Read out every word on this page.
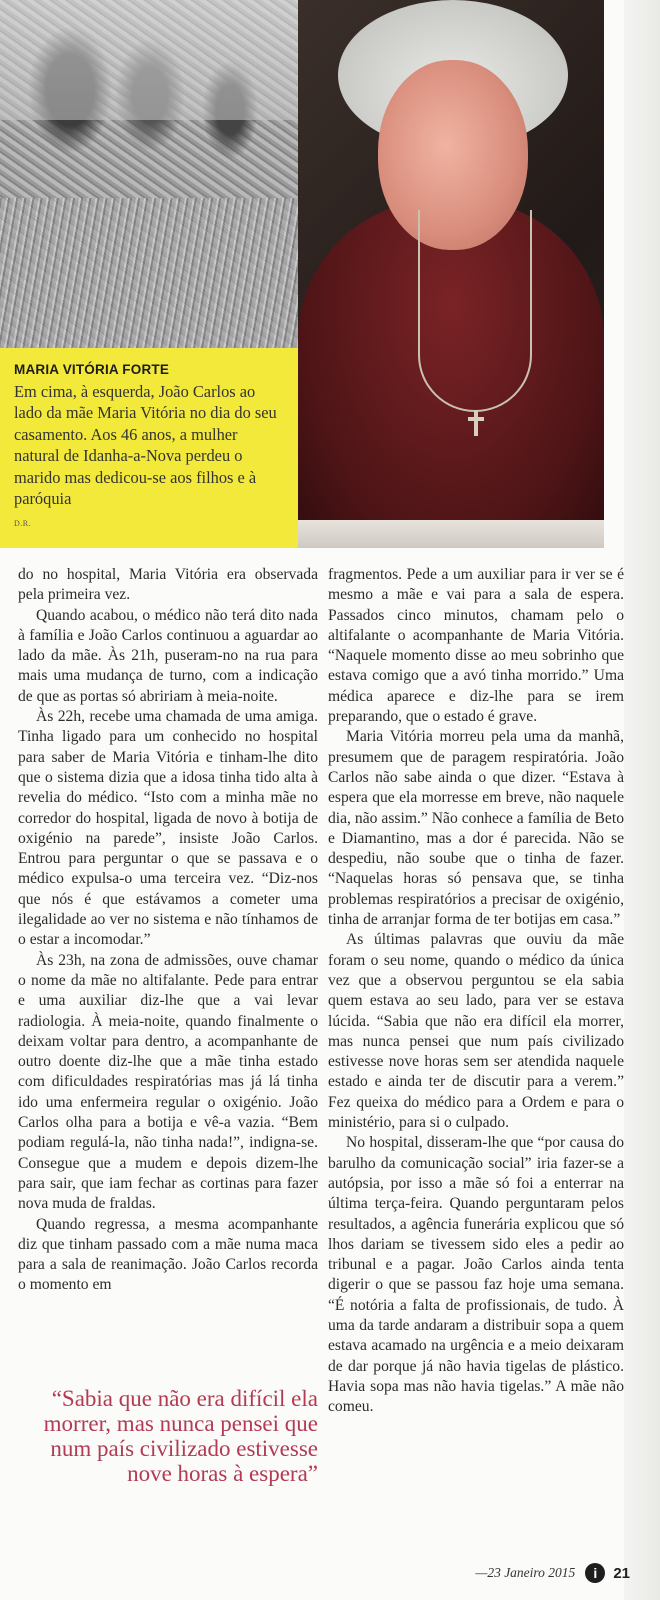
MARIA VITÓRIA FORTE
Em cima, à esquerda, João Carlos ao lado da mãe Maria Vitória no dia do seu casamento. Aos 46 anos, a mulher natural de Idanha-a-Nova perdeu o marido mas dedicou-se aos filhos e à paróquia
D.R.

do no hospital, Maria Vitória era observada pela primeira vez.

Quando acabou, o médico não terá dito nada à família e João Carlos continuou a aguardar ao lado da mãe. Às 21h, puseram-no na rua para mais uma mudança de turno, com a indicação de que as portas só abririam à meia-noite.

Às 22h, recebe uma chamada de uma amiga. Tinha ligado para um conhecido no hospital para saber de Maria Vitória e tinham-lhe dito que o sistema dizia que a idosa tinha tido alta à revelia do médico. “Isto com a minha mãe no corredor do hospital, ligada de novo à botija de oxigénio na parede”, insiste João Carlos. Entrou para perguntar o que se passava e o médico expulsa-o uma terceira vez. “Diz-nos que nós é que estávamos a cometer uma ilegalidade ao ver no sistema e não tínhamos de o estar a incomodar.”

Às 23h, na zona de admissões, ouve chamar o nome da mãe no altifalante. Pede para entrar e uma auxiliar diz-lhe que a vai levar radiologia. À meia-noite, quando finalmente o deixam voltar para dentro, a acompanhante de outro doente diz-lhe que a mãe tinha estado com dificuldades respiratórias mas já lá tinha ido uma enfermeira regular o oxigénio. João Carlos olha para a botija e vê-a vazia. “Bem podiam regulá-la, não tinha nada!”, indigna-se. Consegue que a mudem e depois dizem-lhe para sair, que iam fechar as cortinas para fazer nova muda de fraldas.

Quando regressa, a mesma acompanhante diz que tinham passado com a mãe numa maca para a sala de reanimação. João Carlos recorda o momento em

fragmentos. Pede a um auxiliar para ir ver se é mesmo a mãe e vai para a sala de espera. Passados cinco minutos, chamam pelo o altifalante o acompanhante de Maria Vitória. “Naquele momento disse ao meu sobrinho que estava comigo que a avó tinha morrido.” Uma médica aparece e diz-lhe para se irem preparando, que o estado é grave.

Maria Vitória morreu pela uma da manhã, presumem que de paragem respiratória. João Carlos não sabe ainda o que dizer. “Estava à espera que ela morresse em breve, não naquele dia, não assim.” Não conhece a família de Beto e Diamantino, mas a dor é parecida. Não se despediu, não soube que o tinha de fazer. “Naquelas horas só pensava que, se tinha problemas respiratórios a precisar de oxigénio, tinha de arranjar forma de ter botijas em casa.”

As últimas palavras que ouviu da mãe foram o seu nome, quando o médico da única vez que a observou perguntou se ela sabia quem estava ao seu lado, para ver se estava lúcida. “Sabia que não era difícil ela morrer, mas nunca pensei que num país civilizado estivesse nove horas sem ser atendida naquele estado e ainda ter de discutir para a verem.” Fez queixa do médico para a Ordem e para o ministério, para si o culpado.

No hospital, disseram-lhe que “por causa do barulho da comunicação social” iria fazer-se a autópsia, por isso a mãe só foi a enterrar na última terça-feira. Quando perguntaram pelos resultados, a agência funerária explicou que só lhos dariam se tivessem sido eles a pedir ao tribunal e a pagar. João Carlos ainda tenta digerir o que se passou faz hoje uma semana. “É notória a falta de profissionais, de tudo. À uma da tarde andaram a distribuir sopa a quem estava acamado na urgência e a meio deixaram de dar porque já não havia tigelas de plástico. Havia sopa mas não havia tigelas.” A mãe não comeu.

“Sabia que não era difícil ela morrer, mas nunca pensei que num país civilizado estivesse nove horas à espera”
—23 Janeiro 2015	i	21
